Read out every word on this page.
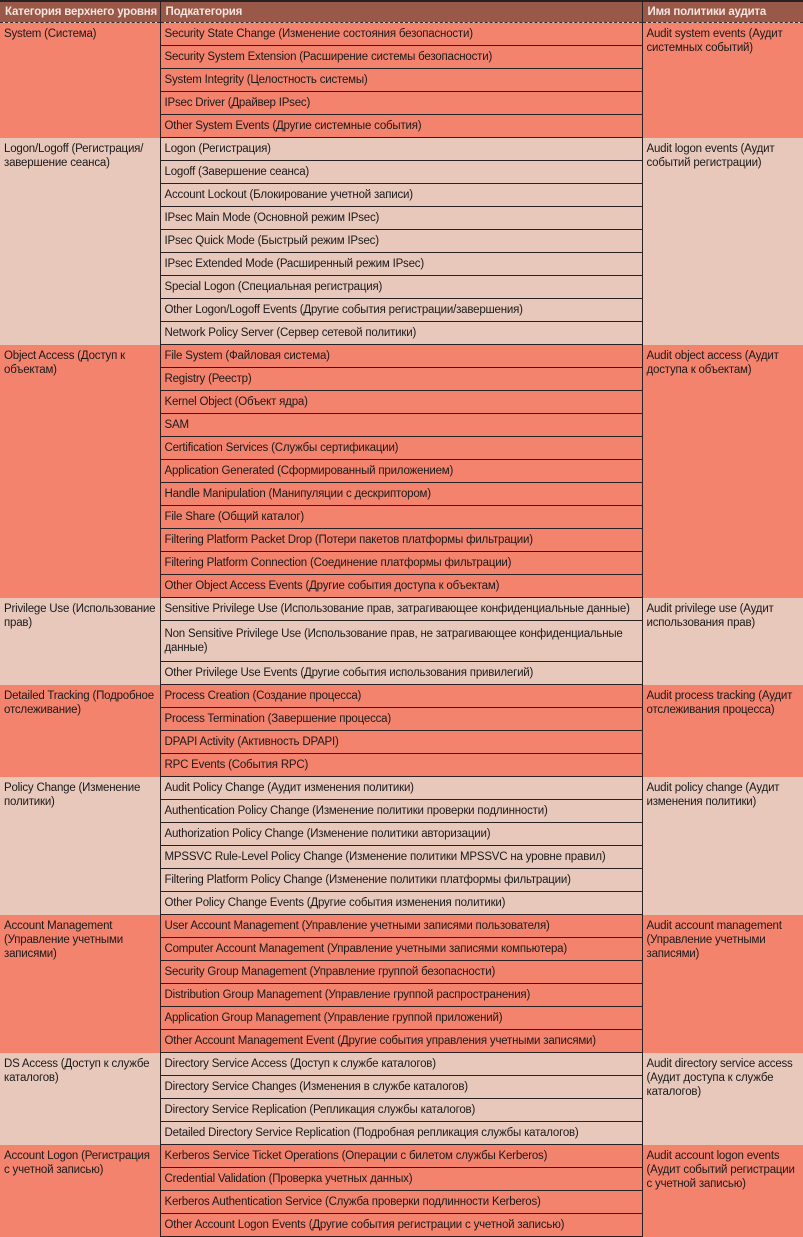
Категория верхнего уровня	Подкатегория	Имя политики аудита
System (Система)	Security State Change (Изменение состояния безопасности)	Audit system events (Аудит системных событий)
	Security System Extension (Расширение системы безопасности)	
	System Integrity (Целостность системы)	
	IPsec Driver (Драйвер IPsec)	
	Other System Events (Другие системные события)	
Logon/Logoff (Регистрация/ завершение сеанса)	Logon (Регистрация)	Audit logon events (Аудит событий регистрации)
	Logoff (Завершение сеанса)	
	Account Lockout (Блокирование учетной записи)	
	IPsec Main Mode (Основной режим IPsec)	
	IPsec Quick Mode (Быстрый режим IPsec)	
	IPsec Extended Mode (Расширенный режим IPsec)	
	Special Logon (Специальная регистрация)	
	Other Logon/Logoff Events (Другие события регистрации/завершения)	
	Network Policy Server (Сервер сетевой политики)	
Object Access (Доступ к объектам)	File System (Файловая система)	Audit object access (Аудит доступа к объектам)
	Registry (Реестр)	
	Kernel Object (Объект ядра)	
	SAM	
	Certification Services (Службы сертификации)	
	Application Generated (Сформированный приложением)	
	Handle Manipulation (Манипуляции с дескриптором)	
	File Share (Общий каталог)	
	Filtering Platform Packet Drop (Потери пакетов платформы фильтрации)	
	Filtering Platform Connection (Соединение платформы фильтрации)	
	Other Object Access Events (Другие события доступа к объектам)	
Privilege Use (Использование прав)	Sensitive Privilege Use (Использование прав, затрагивающее конфиденциальные данные)	Audit privilege use (Аудит использования прав)
	Non Sensitive Privilege Use (Использование прав, не затрагивающее конфиденциальные данные)	
	Other Privilege Use Events (Другие события использования привилегий)	
Detailed Tracking (Подробное отслеживание)	Process Creation (Создание процесса)	Audit process tracking (Аудит отслеживания процесса)
	Process Termination (Завершение процесса)	
	DPAPI Activity (Активность DPAPI)	
	RPC Events (События RPC)	
Policy Change (Изменение политики)	Audit Policy Change (Аудит изменения политики)	Audit policy change (Аудит изменения политики)
	Authentication Policy Change (Изменение политики проверки подлинности)	
	Authorization Policy Change (Изменение политики авторизации)	
	MPSSVC Rule-Level Policy Change (Изменение политики MPSSVC на уровне правил)	
	Filtering Platform Policy Change (Изменение политики платформы фильтрации)	
	Other Policy Change Events (Другие события изменения политики)	
Account Management (Управление учетными записями)	User Account Management (Управление учетными записями пользователя)	Audit account management (Управление учетными записями)
	Computer Account Management (Управление учетными записями компьютера)	
	Security Group Management (Управление группой безопасности)	
	Distribution Group Management (Управление группой распространения)	
	Application Group Management (Управление группой приложений)	
	Other Account Management Event (Другие события управления учетными записями)	
DS Access (Доступ к службе каталогов)	Directory Service Access (Доступ к службе каталогов)	Audit directory service access (Аудит доступа к службе каталогов)
	Directory Service Changes (Изменения в службе каталогов)	
	Directory Service Replication (Репликация службы каталогов)	
	Detailed Directory Service Replication (Подробная репликация службы каталогов)	
Account Logon (Регистрация с учетной записью)	Kerberos Service Ticket Operations (Операции с билетом службы Kerberos)	Audit account logon events (Аудит событий регистрации с учетной записью)
	Credential Validation (Проверка учетных данных)	
	Kerberos Authentication Service (Служба проверки подлинности Kerberos)	
	Other Account Logon Events (Другие события регистрации с учетной записью)	
